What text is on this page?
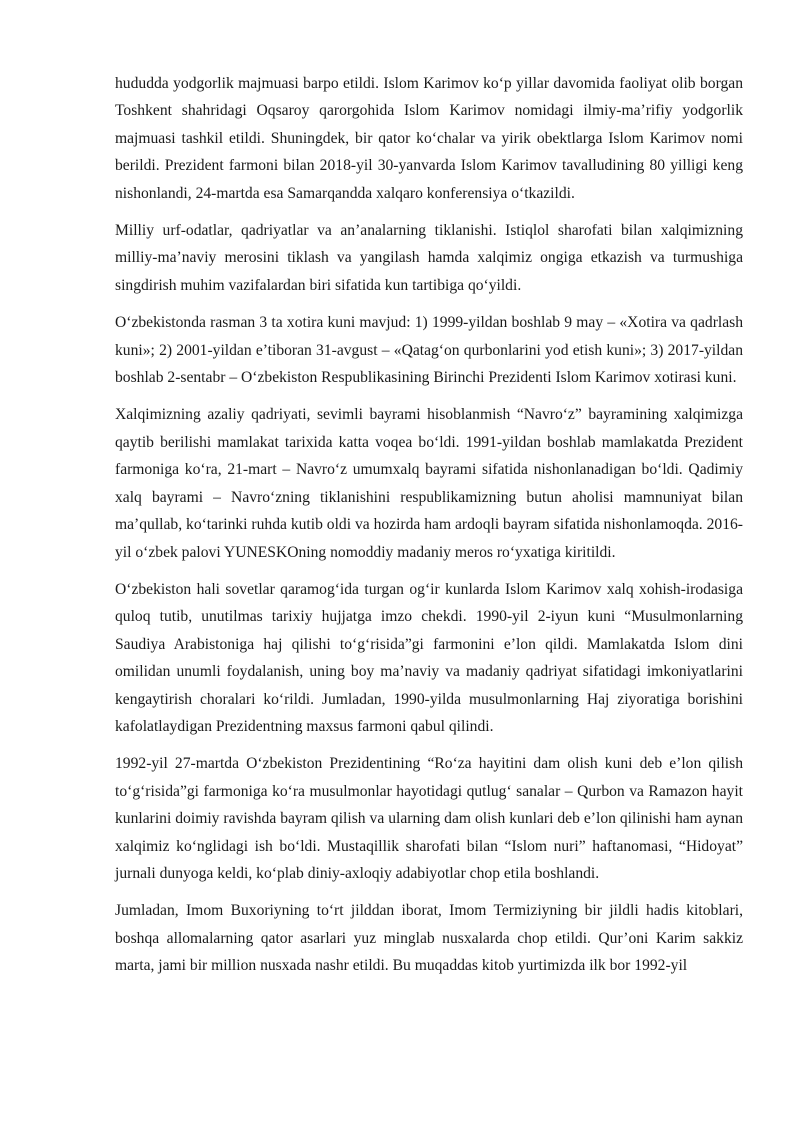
hududda yodgorlik majmuasi barpo etildi. Islom Karimov ko‘p yillar davomida faoliyat olib borgan Toshkent shahridagi Oqsaroy qarorgohida Islom Karimov nomidagi ilmiy-ma’rifiy yodgorlik majmuasi tashkil etildi. Shuningdek, bir qator ko‘chalar va yirik obektlarga Islom Karimov nomi berildi. Prezident farmoni bilan 2018-yil 30-yanvarda Islom Karimov tavalludining 80 yilligi keng nishonlandi, 24-martda esa Samarqandda xalqaro konferensiya o‘tkazildi.

Milliy urf-odatlar, qadriyatlar va an’analarning tiklanishi. Istiqlol sharofati bilan xalqimizning milliy-ma’naviy merosini tiklash va yangilash hamda xalqimiz ongiga etkazish va turmushiga singdirish muhim vazifalardan biri sifatida kun tartibiga qo‘yildi.

O‘zbekistonda rasman 3 ta xotira kuni mavjud: 1) 1999-yildan boshlab 9 may – «Xotira va qadrlash kuni»; 2) 2001-yildan e’tiboran 31-avgust – «Qatag‘on qurbonlarini yod etish kuni»; 3) 2017-yildan boshlab 2-sentabr – O‘zbekiston Respublikasining Birinchi Prezidenti Islom Karimov xotirasi kuni.

Xalqimizning azaliy qadriyati, sevimli bayrami hisoblanmish “Navro‘z” bayramining xalqimizga qaytib berilishi mamlakat tarixida katta voqea bo‘ldi. 1991-yildan boshlab mamlakatda Prezident farmoniga ko‘ra, 21-mart – Navro‘z umumxalq bayrami sifatida nishonlanadigan bo‘ldi. Qadimiy xalq bayrami – Navro‘zning tiklanishini respublikamizning butun aholisi mamnuniyat bilan ma’qullab, ko‘tarinki ruhda kutib oldi va hozirda ham ardoqli bayram sifatida nishonlamoqda. 2016-yil o‘zbek palovi YUNESKOning nomoddiy madaniy meros ro‘yxatiga kiritildi.

O‘zbekiston hali sovetlar qaramog‘ida turgan og‘ir kunlarda Islom Karimov xalq xohish-irodasiga quloq tutib, unutilmas tarixiy hujjatga imzo chekdi. 1990-yil 2-iyun kuni “Musulmonlarning Saudiya Arabistoniga haj qilishi to‘g‘risida”gi farmonini e’lon qildi. Mamlakatda Islom dini omilidan unumli foydalanish, uning boy ma’naviy va madaniy qadriyat sifatidagi imkoniyatlarini kengaytirish choralari ko‘rildi. Jumladan, 1990-yilda musulmonlarning Haj ziyoratiga borishini kafolatlaydigan Prezidentning maxsus farmoni qabul qilindi.

1992-yil 27-martda O‘zbekiston Prezidentining “Ro‘za hayitini dam olish kuni deb e’lon qilish to‘g‘risida”gi farmoniga ko‘ra musulmonlar hayotidagi qutlug‘ sanalar – Qurbon va Ramazon hayit kunlarini doimiy ravishda bayram qilish va ularning dam olish kunlari deb e’lon qilinishi ham aynan xalqimiz ko‘nglidagi ish bo‘ldi. Mustaqillik sharofati bilan “Islom nuri” haftanomasi, “Hidoyat” jurnali dunyoga keldi, ko‘plab diniy-axloqiy adabiyotlar chop etila boshlandi.

Jumladan, Imom Buxoriyning to‘rt jilddan iborat, Imom Termiziyning bir jildli hadis kitoblari, boshqa allomalarning qator asarlari yuz minglab nusxalarda chop etildi. Qur’oni Karim sakkiz marta, jami bir million nusxada nashr etildi. Bu muqaddas kitob yurtimizda ilk bor 1992-yil
